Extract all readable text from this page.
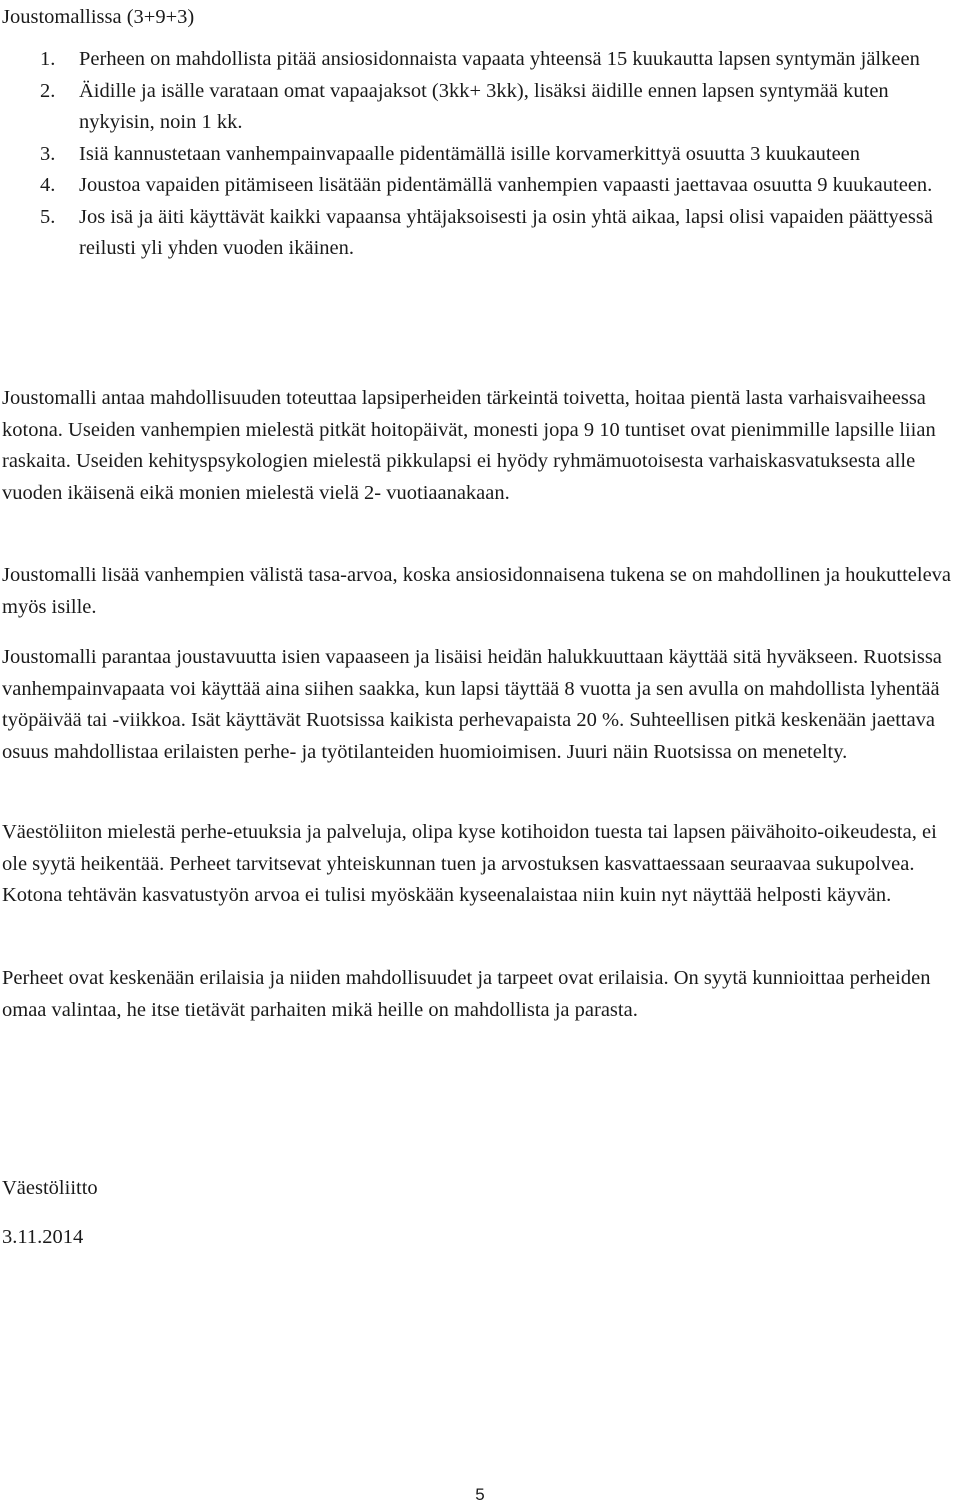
Joustomallissa (3+9+3)

1. Perheen on mahdollista pitää ansiosidonnaista vapaata yhteensä 15 kuukautta lapsen syntymän jälkeen
2. Äidille ja isälle varataan omat vapaajaksot (3kk+ 3kk), lisäksi äidille ennen lapsen syntymää kuten nykyisin, noin 1 kk.
3. Isiä kannustetaan vanhempainvapaalle pidentämällä isille korvamerkittyä osuutta 3 kuukauteen
4. Joustoa vapaiden pitämiseen lisätään pidentämällä vanhempien vapaasti jaettavaa osuutta 9 kuukauteen.
5. Jos isä ja äiti käyttävät kaikki vapaansa yhtäjaksoisesti ja osin yhtä aikaa, lapsi olisi vapaiden päättyessä reilusti yli yhden vuoden ikäinen.

Joustomalli antaa mahdollisuuden toteuttaa lapsiperheiden tärkeintä toivetta, hoitaa pientä lasta varhaisvaiheessa kotona. Useiden vanhempien mielestä pitkät hoitopäivät, monesti jopa 9 10 tuntiset ovat pienimmille lapsille liian raskaita. Useiden kehityspsykologien mielestä pikkulapsi ei hyödy ryhmämuotoisesta varhaiskasvatuksesta alle vuoden ikäisenä eikä monien mielestä vielä 2- vuotiaanakaan.

Joustomalli lisää vanhempien välistä tasa-arvoa, koska ansiosidonnaisena tukena se on mahdollinen ja houkutteleva myös isille.

Joustomalli parantaa joustavuutta isien vapaaseen ja lisäisi heidän halukkuuttaan käyttää sitä hyväkseen. Ruotsissa vanhempainvapaata voi käyttää aina siihen saakka, kun lapsi täyttää 8 vuotta ja sen avulla on mahdollista lyhentää työpäivää tai -viikkoa. Isät käyttävät Ruotsissa kaikista perhevapaista 20 %. Suhteellisen pitkä keskenään jaettava osuus mahdollistaa erilaisten perhe- ja työtilanteiden huomioimisen. Juuri näin Ruotsissa on menetelty.

Väestöliiton mielestä perhe-etuuksia ja palveluja, olipa kyse kotihoidon tuesta tai lapsen päivähoito-oikeudesta, ei ole syytä heikentää. Perheet tarvitsevat yhteiskunnan tuen ja arvostuksen kasvattaessaan seuraavaa sukupolvea. Kotona tehtävän kasvatustyön arvoa ei tulisi myöskään kyseenalaistaa niin kuin nyt näyttää helposti käyvän.

Perheet ovat keskenään erilaisia ja niiden mahdollisuudet ja tarpeet ovat erilaisia. On syytä kunnioittaa perheiden omaa valintaa, he itse tietävät parhaiten mikä heille on mahdollista ja parasta.

Väestöliitto

3.11.2014

5
